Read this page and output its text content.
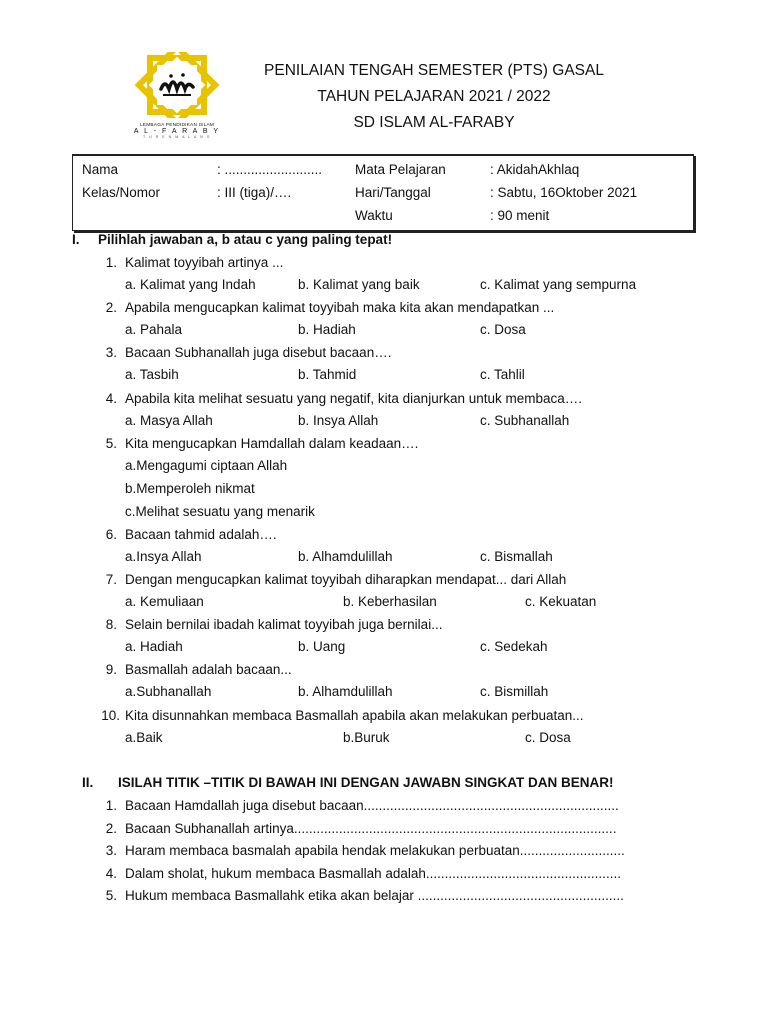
LEMBAGA PENDIDIKAN ISLAM
A L - F A R A B Y
T U R E N M A L A N G
PENILAIAN TENGAH SEMESTER (PTS) GASAL
TAHUN PELAJARAN 2021 / 2022
SD ISLAM AL-FARABY
Nama	: .......................... Mata Pelajaran	: AkidahAkhlaq
Kelas/Nomor	: III (tiga)/….	Hari/Tanggal	: Sabtu, 16Oktober 2021
Waktu	: 90 menit
I. Pilihlah jawaban a, b atau c yang paling tepat!
1. Kalimat toyyibah artinya ...
a. Kalimat yang Indah	b. Kalimat yang baik	c. Kalimat yang sempurna
2. Apabila mengucapkan kalimat toyyibah maka kita akan mendapatkan ...
a. Pahala	b. Hadiah	c. Dosa
3. Bacaan Subhanallah juga disebut bacaan….
a. Tasbih	b. Tahmid	c. Tahlil
4. Apabila kita melihat sesuatu yang negatif, kita dianjurkan untuk membaca….
a. Masya Allah	b. Insya Allah	c. Subhanallah
5. Kita mengucapkan Hamdallah dalam keadaan….
a.Mengagumi ciptaan Allah
b.Memperoleh nikmat
c.Melihat sesuatu yang menarik
6. Bacaan tahmid adalah….
a.Insya Allah	b. Alhamdulillah	c. Bismallah
7. Dengan mengucapkan kalimat toyyibah diharapkan mendapat... dari Allah
a. Kemuliaan	b. Keberhasilan	c. Kekuatan
8. Selain bernilai ibadah kalimat toyyibah juga bernilai...
a. Hadiah	b. Uang	c. Sedekah
9. Basmallah adalah bacaan...
a.Subhanallah	b. Alhamdulillah	c. Bismillah
10. Kita disunnahkan membaca Basmallah apabila akan melakukan perbuatan...
a.Baik	b.Buruk	c. Dosa
II. ISILAH TITIK –TITIK DI BAWAH INI DENGAN JAWABN SINGKAT DAN BENAR!
1. Bacaan Hamdallah juga disebut bacaan....................................................................
2. Bacaan Subhanallah artinya......................................................................................
3. Haram membaca basmalah apabila hendak melakukan perbuatan............................
4. Dalam sholat, hukum membaca Basmallah adalah....................................................
5. Hukum membaca Basmallahk etika akan belajar .......................................................
